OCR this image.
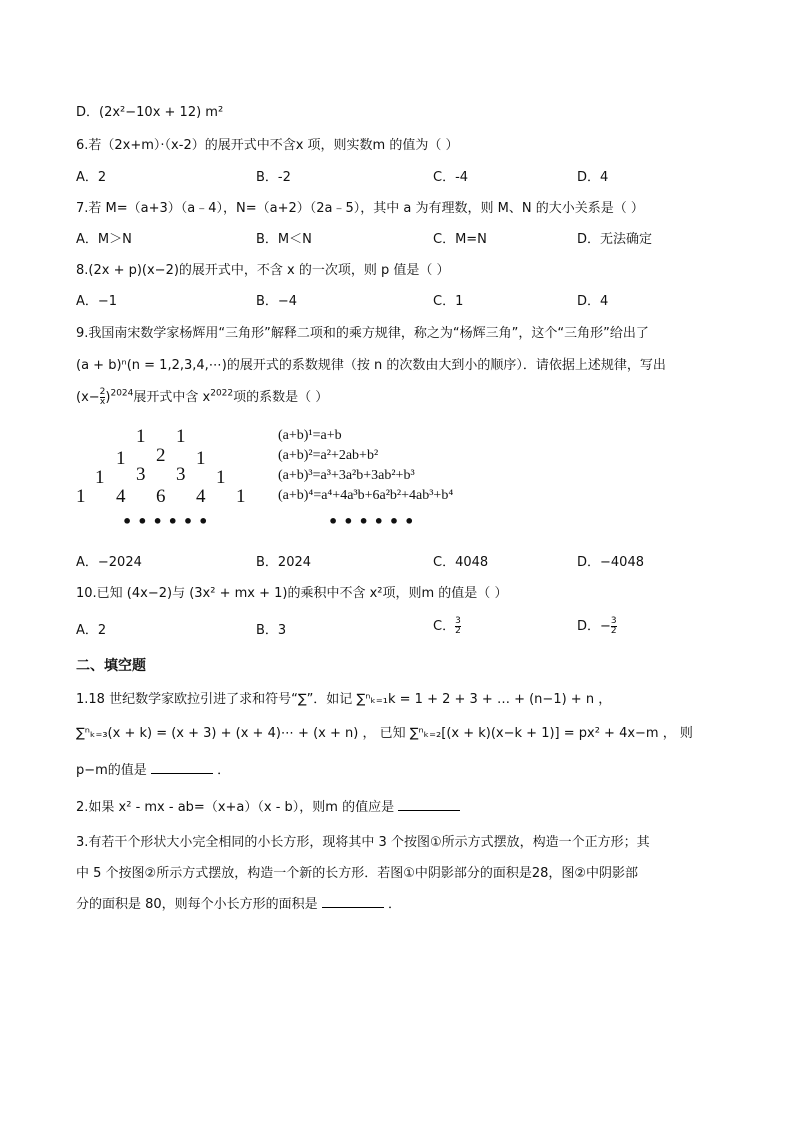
D．(2x²−10x + 12) m²
6.若（2x+m）·（x-2）的展开式中不含x 项，则实数m 的值为（ ）
A．2	B．-2	C．-4	D．4
7.若 M=（a+3）（a﹣4），N=（a+2）（2a﹣5），其中 a 为有理数，则 M、N 的大小关系是（ ）
A．M＞N	B．M＜N	C．M=N	D．无法确定
8.(2x + p)(x−2)的展开式中，不含 x 的一次项，则 p 值是（ ）
A．−1	B．−4	C．1	D．4
9.我国南宋数学家杨辉用“三角形”解释二项和的乘方规律，称之为“杨辉三角”，这个“三角形”给出了
(a + b)ⁿ(n = 1,2,3,4,⋯)的展开式的系数规律（按 n 的次数由大到小的顺序）．请依据上述规律，写出
$(x- \frac{2}{x} )^{2024}$展开式中含 $x^{2022}$项的系数是（ ）
1 1
1 2 1
1 3 3 1
1 4 6 4 1
••••••
(a+b)¹=a+b
(a+b)²=a²+2ab+b²
(a+b)³=a³+3a²b+3ab²+b³
(a+b)⁴=a⁴+4a³b+6a²b²+4ab³+b⁴
••••••
A．−2024	B．2024	C．4048	D．−4048
10.已知 (4x−2)与 (3x² + mx + 1)的乘积中不含 x²项，则m 的值是（ ）
A．2	B．3	C． $\frac{3}{2}$	D．− $\frac{3}{2}$
二、填空题
1.18 世纪数学家欧拉引进了求和符号“∑”．如记 ∑ⁿₖ₌₁k = 1 + 2 + 3 + … + (n−1) + n ，
∑ⁿₖ₌₃(x + k) = (x + 3) + (x + 4)⋯ + (x + n) ， 已知 ∑ⁿₖ₌₂[(x + k)(x−k + 1)] = px² + 4x−m ， 则
p−m的值是	．
2.如果 x² - mx - ab=（x+a）（x - b），则m 的值应是
3.有若干个形状大小完全相同的小长方形，现将其中 3 个按图①所示方式摆放，构造一个正方形；其
中 5 个按图②所示方式摆放，构造一个新的长方形．若图①中阴影部分的面积是28，图②中阴影部
分的面积是 80，则每个小长方形的面积是	．
